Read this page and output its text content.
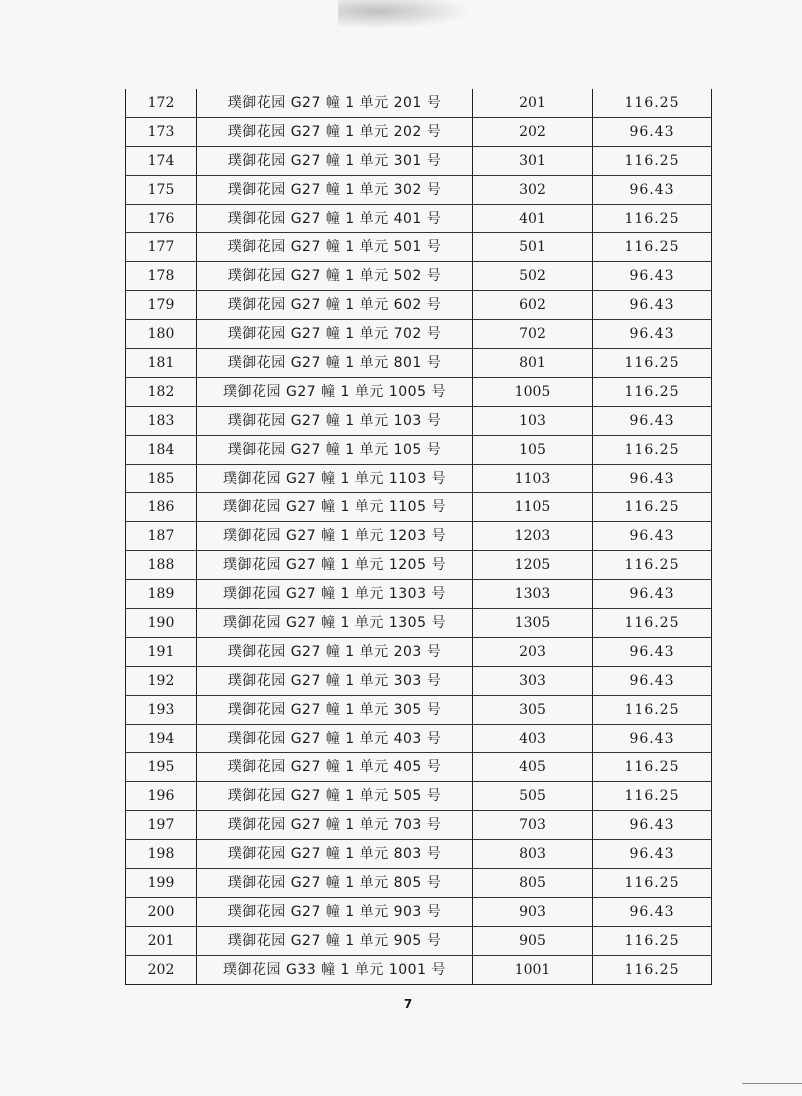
172	璞御花园 G27 幢 1 单元 201 号	201	116.25
173	璞御花园 G27 幢 1 单元 202 号	202	96.43
174	璞御花园 G27 幢 1 单元 301 号	301	116.25
175	璞御花园 G27 幢 1 单元 302 号	302	96.43
176	璞御花园 G27 幢 1 单元 401 号	401	116.25
177	璞御花园 G27 幢 1 单元 501 号	501	116.25
178	璞御花园 G27 幢 1 单元 502 号	502	96.43
179	璞御花园 G27 幢 1 单元 602 号	602	96.43
180	璞御花园 G27 幢 1 单元 702 号	702	96.43
181	璞御花园 G27 幢 1 单元 801 号	801	116.25
182	璞御花园 G27 幢 1 单元 1005 号	1005	116.25
183	璞御花园 G27 幢 1 单元 103 号	103	96.43
184	璞御花园 G27 幢 1 单元 105 号	105	116.25
185	璞御花园 G27 幢 1 单元 1103 号	1103	96.43
186	璞御花园 G27 幢 1 单元 1105 号	1105	116.25
187	璞御花园 G27 幢 1 单元 1203 号	1203	96.43
188	璞御花园 G27 幢 1 单元 1205 号	1205	116.25
189	璞御花园 G27 幢 1 单元 1303 号	1303	96.43
190	璞御花园 G27 幢 1 单元 1305 号	1305	116.25
191	璞御花园 G27 幢 1 单元 203 号	203	96.43
192	璞御花园 G27 幢 1 单元 303 号	303	96.43
193	璞御花园 G27 幢 1 单元 305 号	305	116.25
194	璞御花园 G27 幢 1 单元 403 号	403	96.43
195	璞御花园 G27 幢 1 单元 405 号	405	116.25
196	璞御花园 G27 幢 1 单元 505 号	505	116.25
197	璞御花园 G27 幢 1 单元 703 号	703	96.43
198	璞御花园 G27 幢 1 单元 803 号	803	96.43
199	璞御花园 G27 幢 1 单元 805 号	805	116.25
200	璞御花园 G27 幢 1 单元 903 号	903	96.43
201	璞御花园 G27 幢 1 单元 905 号	905	116.25
202	璞御花园 G33 幢 1 单元 1001 号	1001	116.25
7
